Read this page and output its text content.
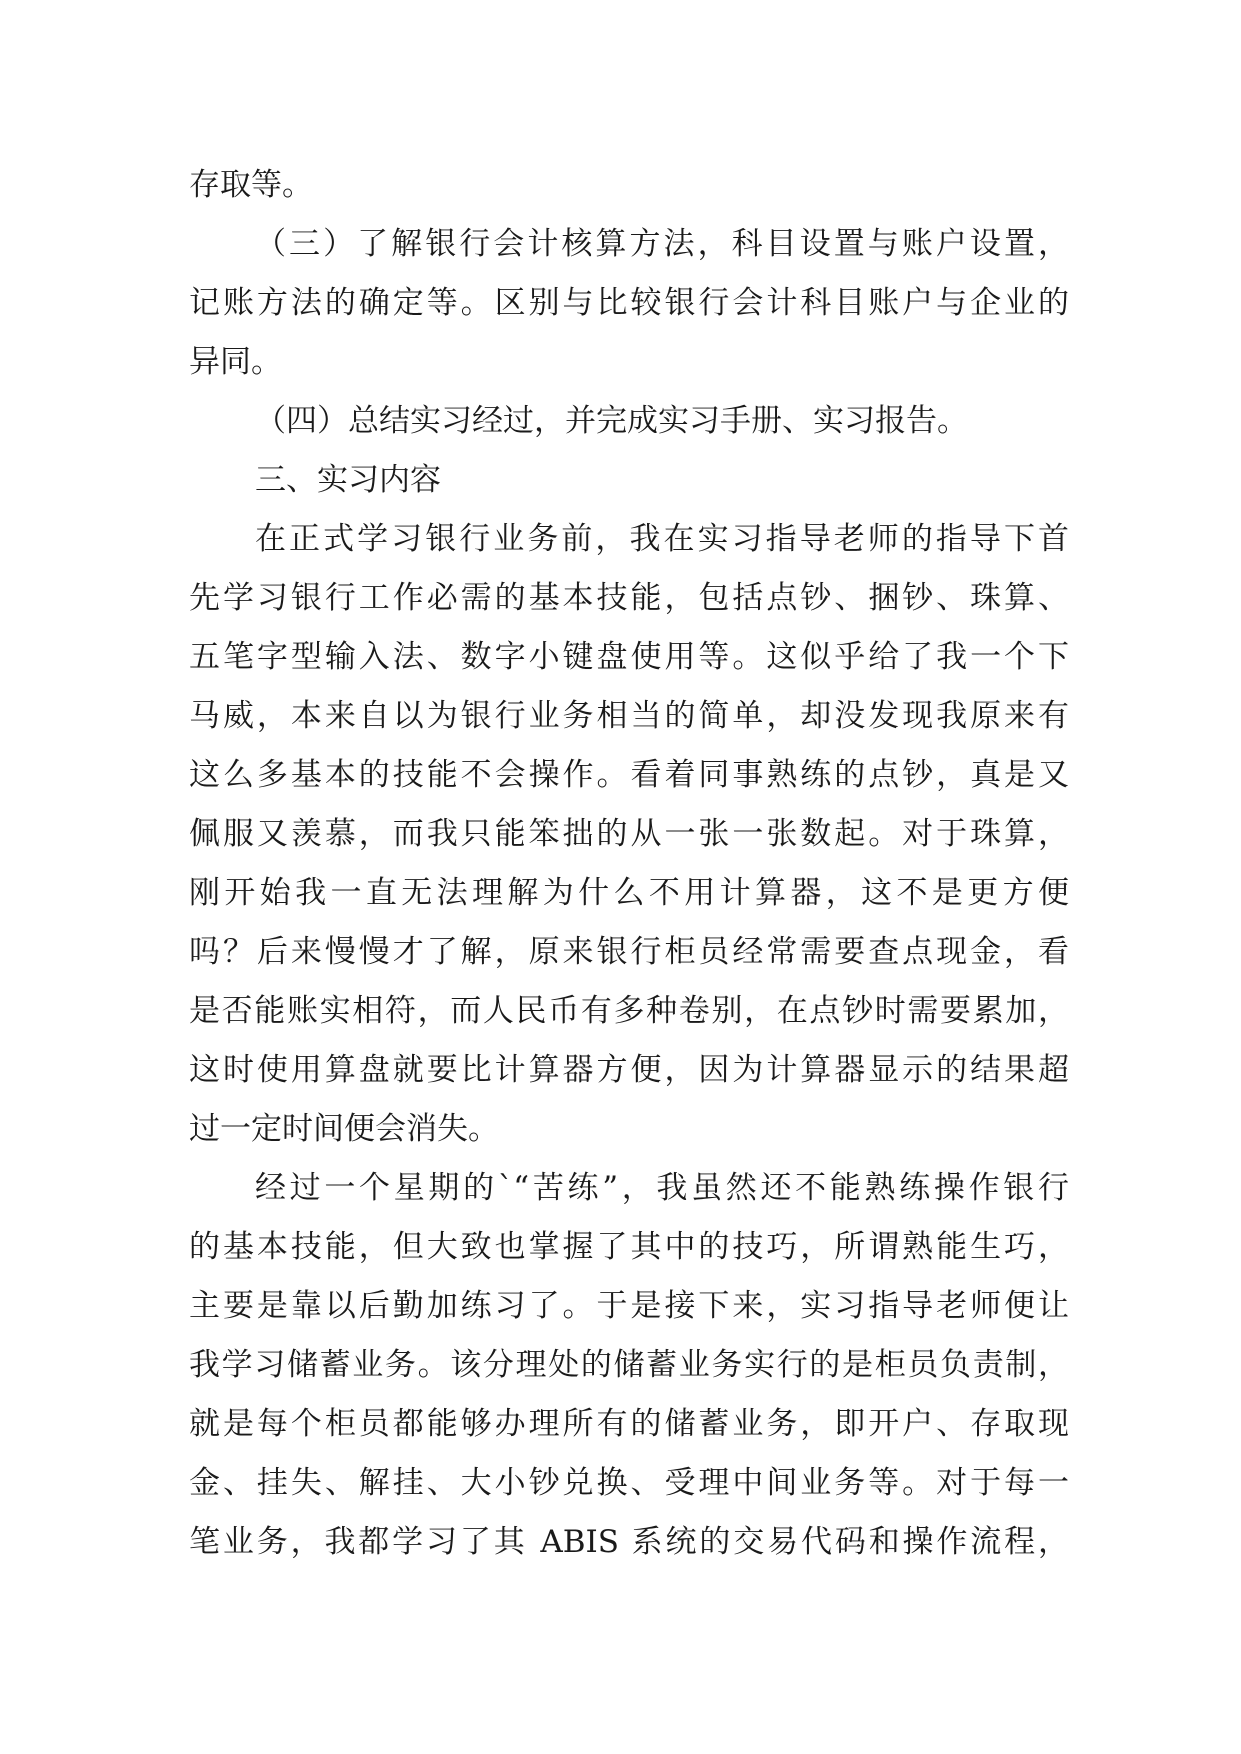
存取等。
（三）了解银行会计核算方法，科目设置与账户设置，
记账方法的确定等。区别与比较银行会计科目账户与企业的
异同。
（四）总结实习经过，并完成实习手册、实习报告。
三、实习内容
在正式学习银行业务前，我在实习指导老师的指导下首
先学习银行工作必需的基本技能，包括点钞、捆钞、珠算、
五笔字型输入法、数字小键盘使用等。这似乎给了我一个下
马威，本来自以为银行业务相当的简单，却没发现我原来有
这么多基本的技能不会操作。看着同事熟练的点钞，真是又
佩服又羡慕，而我只能笨拙的从一张一张数起。对于珠算，
刚开始我一直无法理解为什么不用计算器，这不是更方便
吗？后来慢慢才了解，原来银行柜员经常需要查点现金，看
是否能账实相符，而人民币有多种卷别，在点钞时需要累加，
这时使用算盘就要比计算器方便，因为计算器显示的结果超
过一定时间便会消失。
经过一个星期的`“苦练”，我虽然还不能熟练操作银行
的基本技能，但大致也掌握了其中的技巧，所谓熟能生巧，
主要是靠以后勤加练习了。于是接下来，实习指导老师便让
我学习储蓄业务。该分理处的储蓄业务实行的是柜员负责制，
就是每个柜员都能够办理所有的储蓄业务，即开户、存取现
金、挂失、解挂、大小钞兑换、受理中间业务等。对于每一
笔业务，我都学习了其 ABIS 系统的交易代码和操作流程，
